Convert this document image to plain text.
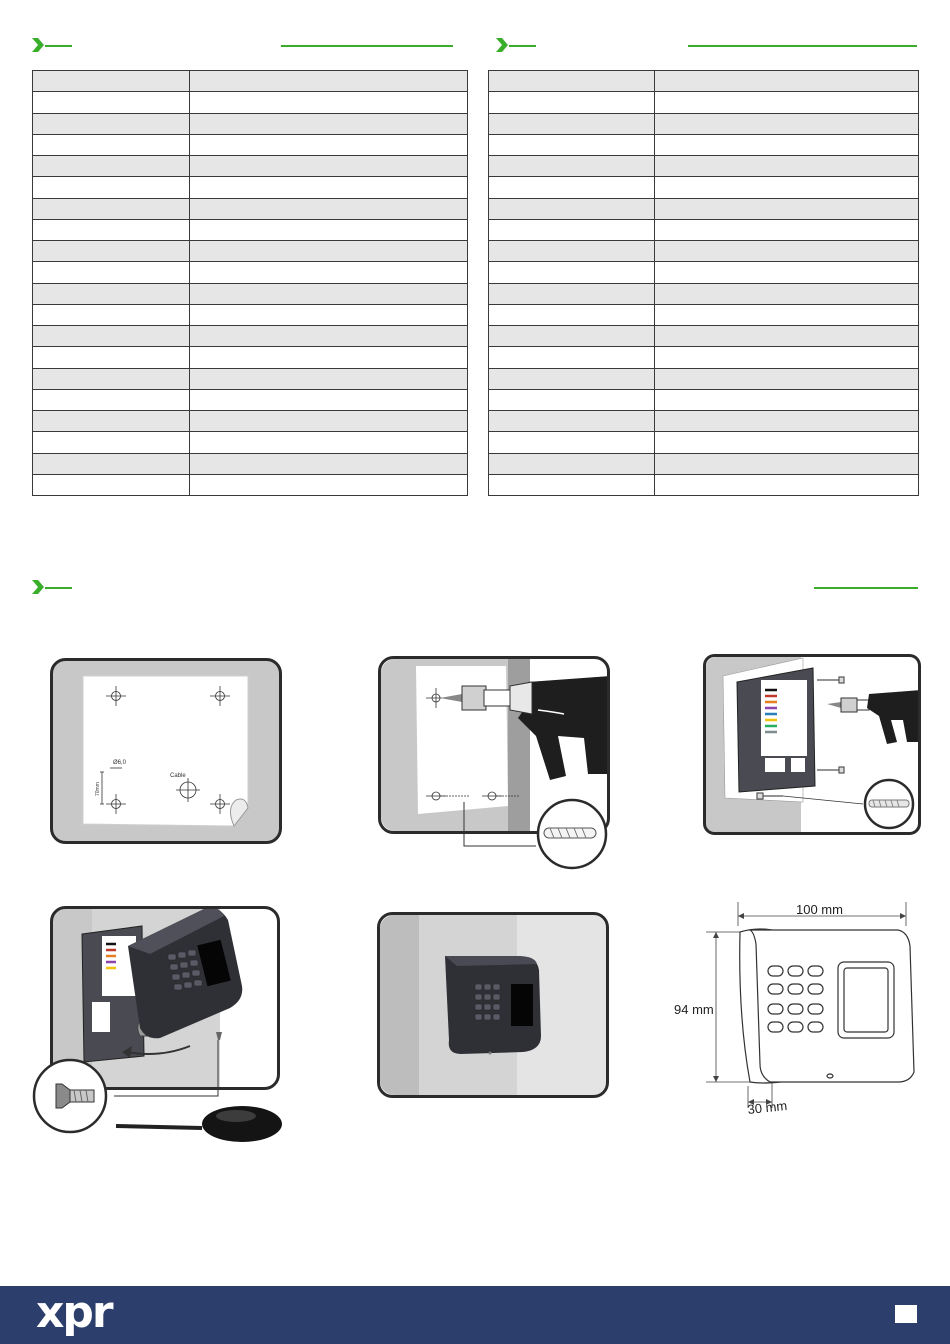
Ø6,0
70mm
Cable
100 mm
94 mm
30 mm
xpr
